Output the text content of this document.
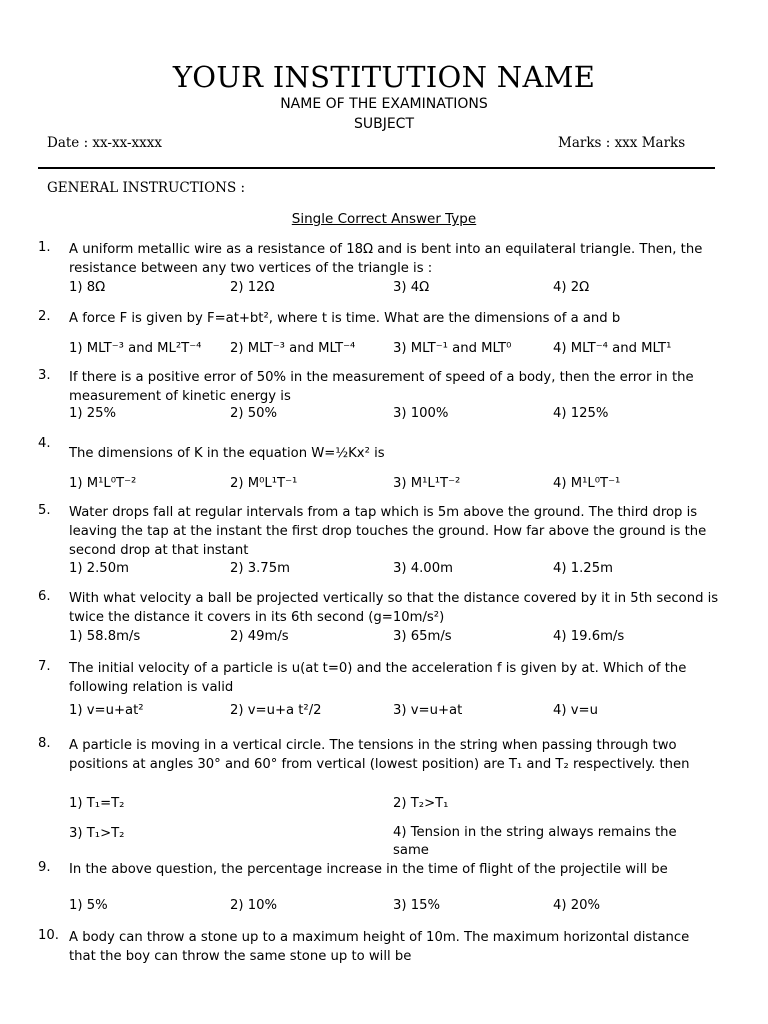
YOUR INSTITUTION NAME
NAME OF THE EXAMINATIONS
SUBJECT
Date : xx-xx-xxxx	Marks : xxx Marks
GENERAL INSTRUCTIONS :
Single Correct Answer Type
1. A uniform metallic wire as a resistance of 18Ω and is bent into an equilateral triangle. Then, the resistance between any two vertices of the triangle is :
1) 8Ω	2) 12Ω	3) 4Ω	4) 2Ω
2. A force F is given by F=at+bt², where t is time. What are the dimensions of a and b
1) MLT⁻³ and ML²T⁻⁴ 2) MLT⁻³ and MLT⁻⁴	3) MLT⁻¹ and MLT⁰	4) MLT⁻⁴ and MLT¹
3. If there is a positive error of 50% in the measurement of speed of a body, then the error in the measurement of kinetic energy is
1) 25%	2) 50%	3) 100%	4) 125%
4.
The dimensions of K in the equation W=½Kx² is
1) M¹L⁰T⁻²	2) M⁰L¹T⁻¹	3) M¹L¹T⁻²	4) M¹L⁰T⁻¹
5. Water drops fall at regular intervals from a tap which is 5m above the ground. The third drop is leaving the tap at the instant the first drop touches the ground. How far above the ground is the second drop at that instant
1) 2.50m	2) 3.75m	3) 4.00m	4) 1.25m
6. With what velocity a ball be projected vertically so that the distance covered by it in 5th second is twice the distance it covers in its 6th second (g=10m/s²)
1) 58.8m/s	2) 49m/s	3) 65m/s	4) 19.6m/s
7. The initial velocity of a particle is u(at t=0) and the acceleration f is given by at. Which of the following relation is valid
1) v=u+at²	2) v=u+a t²/2	3) v=u+at	4) v=u
8. A particle is moving in a vertical circle. The tensions in the string when passing through two positions at angles 30° and 60° from vertical (lowest position) are T₁ and T₂ respectively. then
1) T₁=T₂	2) T₂>T₁
3) T₁>T₂	4) Tension in the string always remains the same
9. In the above question, the percentage increase in the time of flight of the projectile will be
1) 5%	2) 10%	3) 15%	4) 20%
10. A body can throw a stone up to a maximum height of 10m. The maximum horizontal distance that the boy can throw the same stone up to will be
